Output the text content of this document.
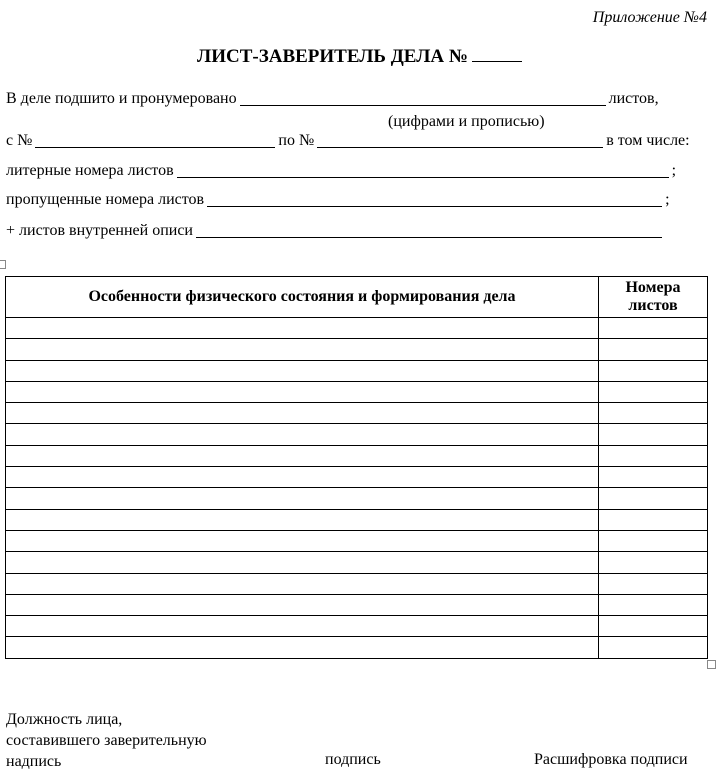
Приложение №4
ЛИСТ-ЗАВЕРИТЕЛЬ ДЕЛА №
В деле подшито и пронумеровано	листов,
(цифрами и прописью)
с №	по №	в том числе:
литерные номера листов	;
пропущенные номера листов	;
+ листов внутренней описи
Особенности физического состояния и формирования дела	Номера листов

Должность лица,
составившего заверительную
надпись	подпись	Расшифровка подписи
